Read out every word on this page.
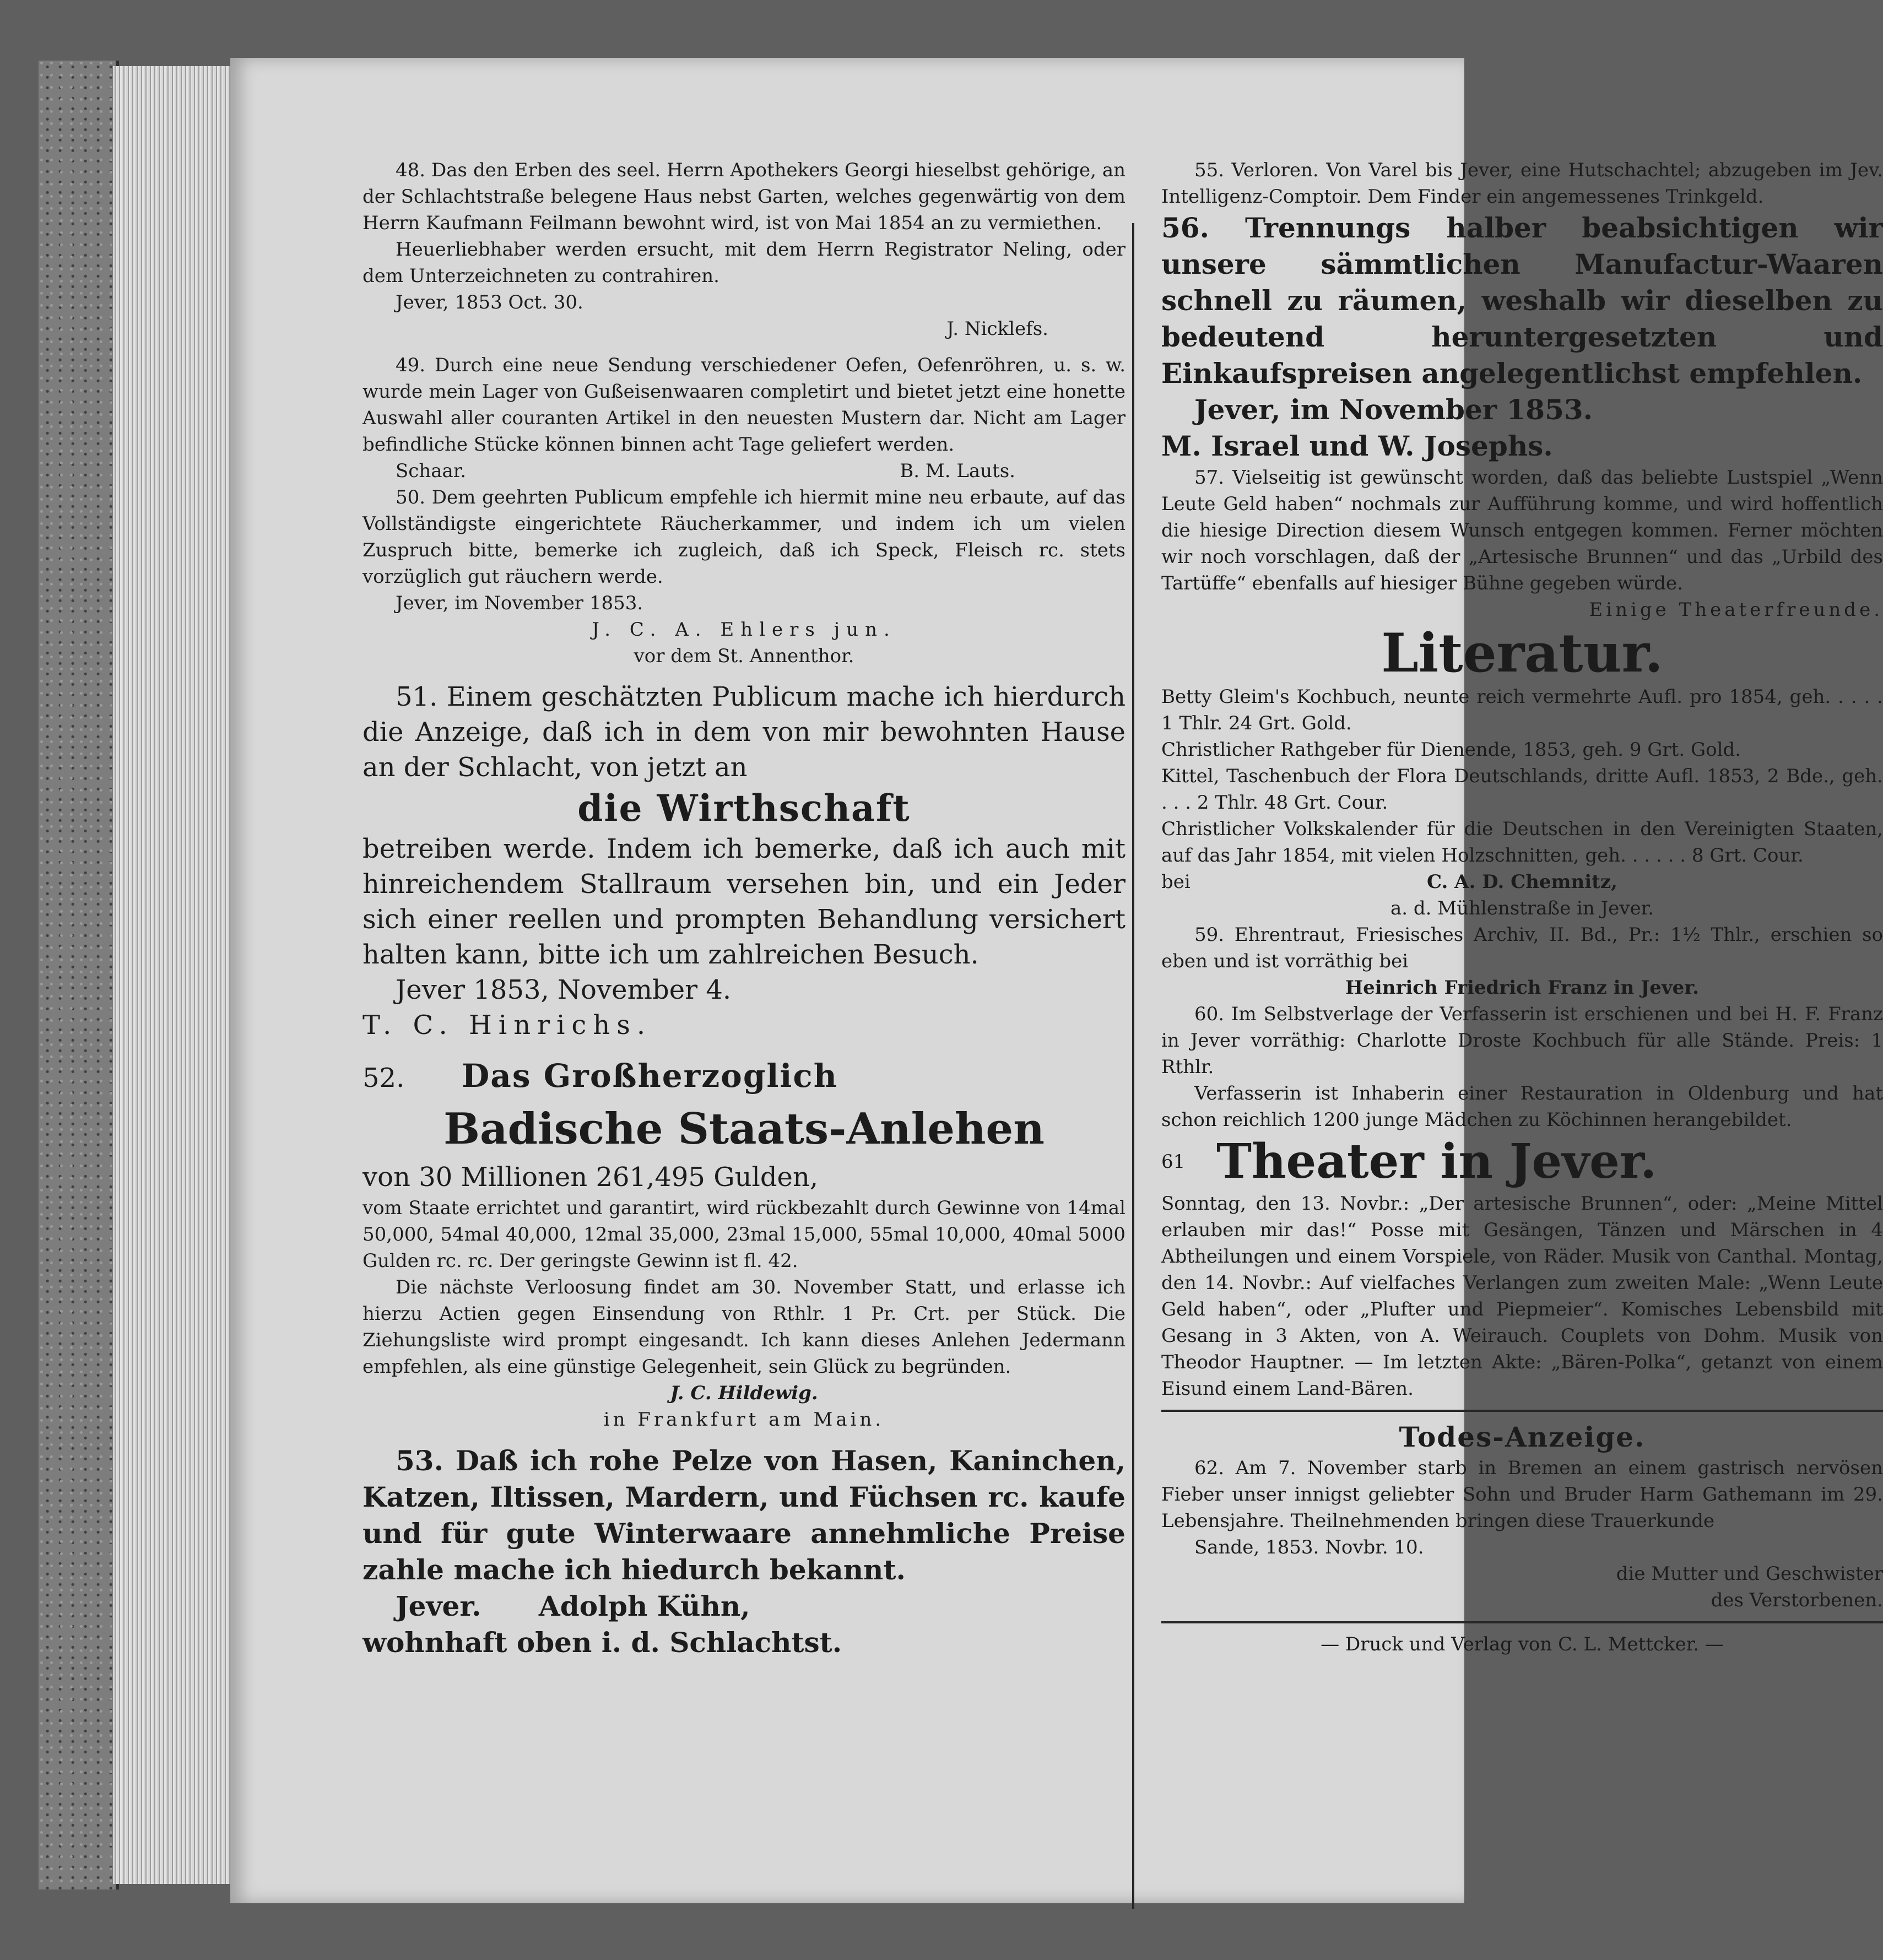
48. Das den Erben des seel. Herrn Apothekers Georgi hieselbst gehörige, an der Schlachtstraße belegene Haus nebst Garten, welches gegenwärtig von dem Herrn Kaufmann Feilmann bewohnt wird, ist von Mai 1854 an zu vermiethen.

Heuerliebhaber werden ersucht, mit dem Herrn Registrator Neling, oder dem Unterzeichneten zu contrahiren.

Jever, 1853 Oct. 30.

J. Nicklefs.

49. Durch eine neue Sendung verschiedener Oefen, Oefenröhren, u. s. w. wurde mein Lager von Gußeisenwaaren completirt und bietet jetzt eine honette Auswahl aller couranten Artikel in den neuesten Mustern dar. Nicht am Lager befindliche Stücke können binnen acht Tage geliefert werden.

Schaar.	B. M. Lauts.

50. Dem geehrten Publicum empfehle ich hiermit mine neu erbaute, auf das Vollständigste eingerichtete Räucherkammer, und indem ich um vielen Zuspruch bitte, bemerke ich zugleich, daß ich Speck, Fleisch rc. stets vorzüglich gut räuchern werde.

Jever, im November 1853.

J. C. A. Ehlers jun.

vor dem St. Annenthor.

51. Einem geschätzten Publicum mache ich hierdurch die Anzeige, daß ich in dem von mir bewohnten Hause an der Schlacht, von jetzt an

die Wirthschaft

betreiben werde. Indem ich bemerke, daß ich auch mit hinreichendem Stallraum versehen bin, und ein Jeder sich einer reellen und prompten Behandlung versichert halten kann, bitte ich um zahlreichen Besuch.

Jever 1853, November 4.

T. C. Hinrichs.

52.	Das Großherzoglich

Badische Staats-Anlehen

von 30 Millionen 261,495 Gulden,

vom Staate errichtet und garantirt, wird rückbezahlt durch Gewinne von 14mal 50,000, 54mal 40,000, 12mal 35,000, 23mal 15,000, 55mal 10,000, 40mal 5000 Gulden rc. rc. Der geringste Gewinn ist fl. 42.

Die nächste Verloosung findet am 30. November Statt, und erlasse ich hierzu Actien gegen Einsendung von Rthlr. 1 Pr. Crt. per Stück. Die Ziehungsliste wird prompt eingesandt. Ich kann dieses Anlehen Jedermann empfehlen, als eine günstige Gelegenheit, sein Glück zu begründen.

J. C. Hildewig.

in Frankfurt am Main.

53. Daß ich rohe Pelze von Hasen, Kaninchen, Katzen, Iltissen, Mardern, und Füchsen rc. kaufe und für gute Winterwaare annehmliche Preise zahle mache ich hiedurch bekannt.

Jever.      Adolph Kühn,

wohnhaft oben i. d. Schlachtst.

55. Verloren. Von Varel bis Jever, eine Hutschachtel; abzugeben im Jev. Intelligenz-Comptoir. Dem Finder ein angemessenes Trinkgeld.

56. Trennungs halber beabsichtigen wir unsere sämmtlichen Manufactur-Waaren schnell zu räumen, weshalb wir dieselben zu bedeutend heruntergesetzten und Einkaufspreisen angelegentlichst empfehlen.

Jever, im November 1853.

M. Israel und W. Josephs.

57. Vielseitig ist gewünscht worden, daß das beliebte Lustspiel „Wenn Leute Geld haben“ nochmals zur Aufführung komme, und wird hoffentlich die hiesige Direction diesem Wunsch entgegen kommen. Ferner möchten wir noch vorschlagen, daß der „Artesische Brunnen“ und das „Urbild des Tartüffe“ ebenfalls auf hiesiger Bühne gegeben würde.

Einige Theaterfreunde.

Literatur.

Betty Gleim's Kochbuch, neunte reich vermehrte Aufl. pro 1854, geh. . . . . 1 Thlr. 24 Grt. Gold.

Christlicher Rathgeber für Dienende, 1853, geh. 9 Grt. Gold.

Kittel, Taschenbuch der Flora Deutschlands, dritte Aufl. 1853, 2 Bde., geh. . . . 2 Thlr. 48 Grt. Cour.

Christlicher Volkskalender für die Deutschen in den Vereinigten Staaten, auf das Jahr 1854, mit vielen Holzschnitten, geh. . . . . . 8 Grt. Cour.

bei	C. A. D. Chemnitz,

a. d. Mühlenstraße in Jever.

59. Ehrentraut, Friesisches Archiv, II. Bd., Pr.: 1½ Thlr., erschien so eben und ist vorräthig bei

Heinrich Friedrich Franz in Jever.

60. Im Selbstverlage der Verfasserin ist erschienen und bei H. F. Franz in Jever vorräthig: Charlotte Droste Kochbuch für alle Stände. Preis: 1 Rthlr.

Verfasserin ist Inhaberin einer Restauration in Oldenburg und hat schon reichlich 1200 junge Mädchen zu Köchinnen herangebildet.

61 Theater in Jever.

Sonntag, den 13. Novbr.: „Der artesische Brunnen“, oder: „Meine Mittel erlauben mir das!“ Posse mit Gesängen, Tänzen und Märschen in 4 Abtheilungen und einem Vorspiele, von Räder. Musik von Canthal. Montag, den 14. Novbr.: Auf vielfaches Verlangen zum zweiten Male: „Wenn Leute Geld haben“, oder „Plufter und Piepmeier“. Komisches Lebensbild mit Gesang in 3 Akten, von A. Weirauch. Couplets von Dohm. Musik von Theodor Hauptner. — Im letzten Akte: „Bären-Polka“, getanzt von einem Eisund einem Land-Bären.

Todes-Anzeige.

62. Am 7. November starb in Bremen an einem gastrisch nervösen Fieber unser innigst geliebter Sohn und Bruder Harm Gathemann im 29. Lebensjahre. Theilnehmenden bringen diese Trauerkunde

Sande, 1853. Novbr. 10.

die Mutter und Geschwister

des Verstorbenen.

— Druck und Verlag von C. L. Mettcker. —
